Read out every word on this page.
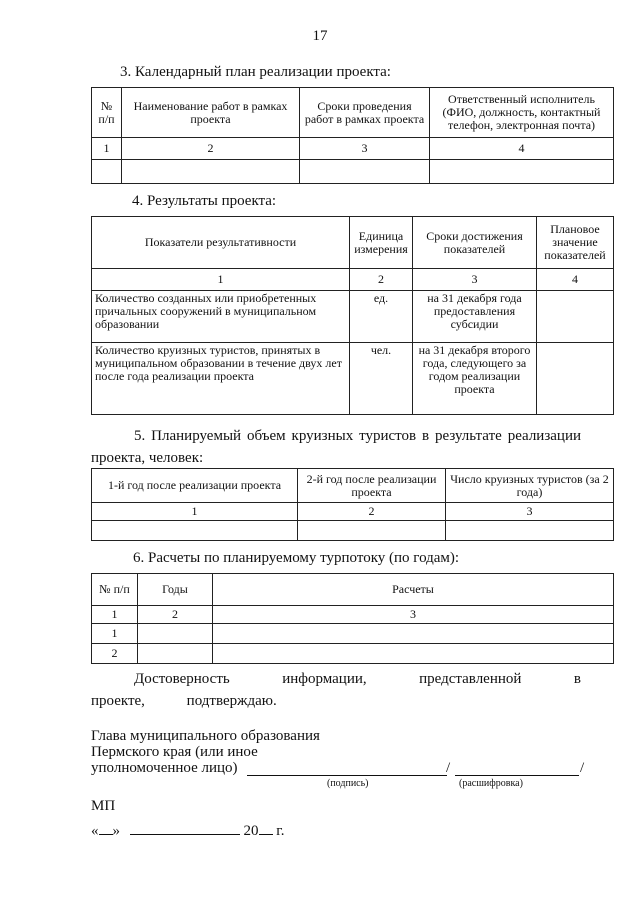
17
3. Календарный план реализации проекта:
№ п/п	Наименование работ в рамках проекта	Сроки проведения работ в рамках проекта	Ответственный исполнитель (ФИО, должность, контактный телефон, электронная почта)
1	2	3	4

4. Результаты проекта:
Показатели результативности	Единица измерения	Сроки достижения показателей	Плановое значение показателей
1	2	3	4
Количество созданных или приобретенных причальных сооружений в муниципальном образовании	ед.	на 31 декабря года предоставления субсидии	
Количество круизных туристов, принятых в муниципальном образовании в течение двух лет после года реализации проекта	чел.	на 31 декабря второго года, следующего за годом реализации проекта	
5. Планируемый объем круизных туристов в результате реализации проекта, человек:
1-й год после реализации проекта	2-й год после реализации проекта	Число круизных туристов (за 2 года)
1	2	3

6. Расчеты по планируемому турпотоку (по годам):
№ п/п	Годы	Расчеты
1	2	3
1		
2		
Достоверность информации, представленной в проекте, подтверждаю.
Глава муниципального образования
Пермского края (или иное
уполномоченное лицо)	/	/
(подпись)	(расшифровка)
МП
« »	20 г.
